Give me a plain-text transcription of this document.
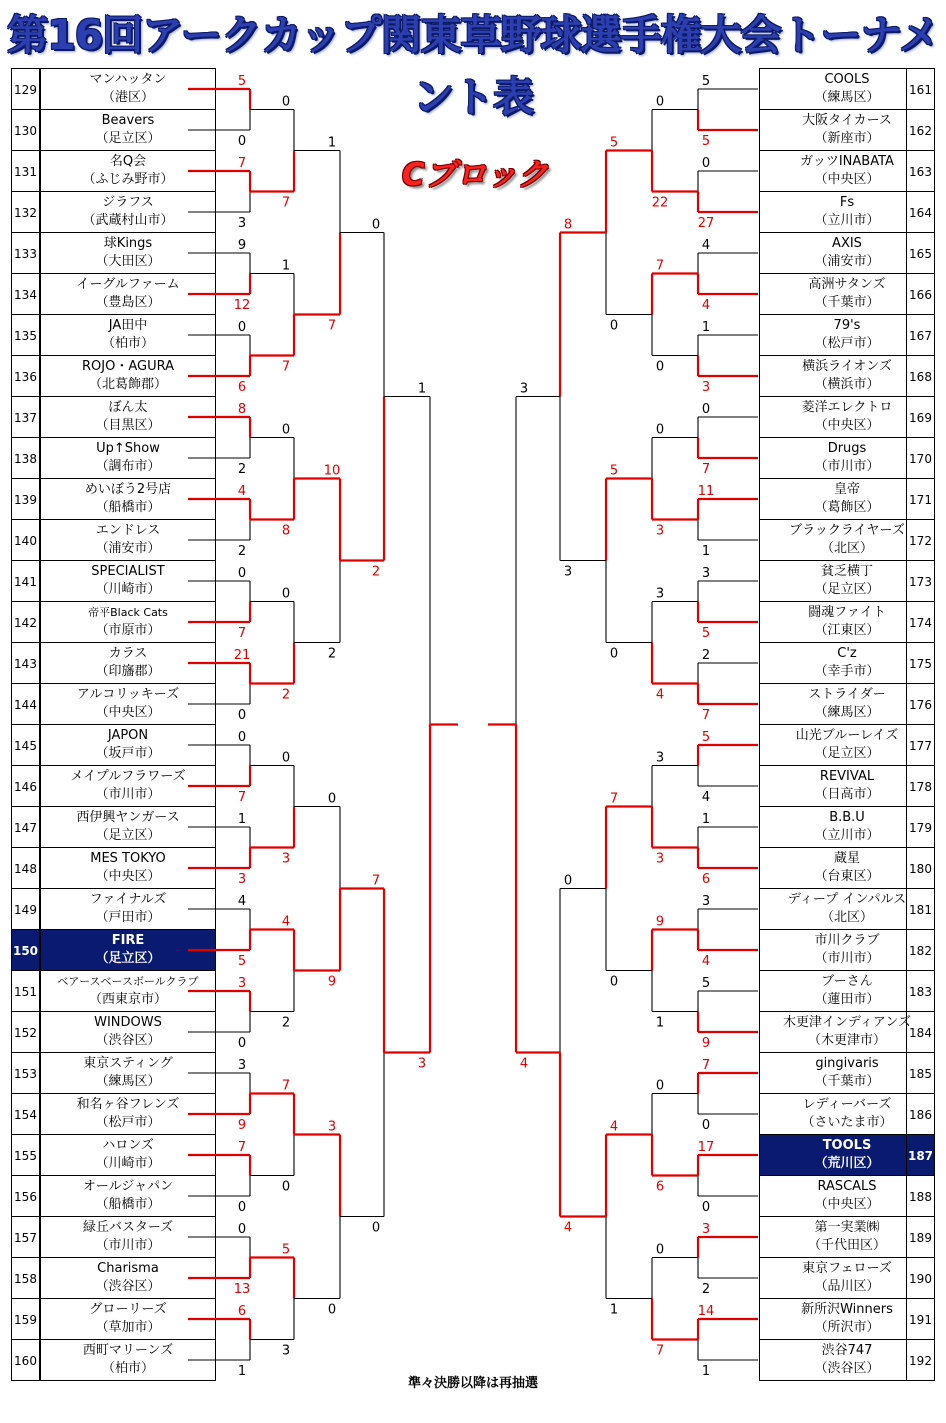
第16回アークカップ関東草野球選手権大会トーナメント表
129
130
131
132
133
134
135
136
137
138
139
140
141
142
143
144
145
146
147
148
149
150
151
152
153
154
155
156
157
158
159
160
マンハッタン
（港区）
Beavers
（足立区）
名Q会
（ふじみ野市）
ジラフス
（武蔵村山市）
球Kings
（大田区）
イーグルファーム
（豊島区）
JA田中
（柏市）
ROJO・AGURA
（北葛飾郡）
ぼん太
（目黒区）
Up↑Show
（調布市）
めいぼう2号店
（船橋市）
エンドレス
（浦安市）
SPECIALIST
（川崎市）
帝平Black Cats
（市原市）
カラス
（印旛郡）
アルコリッキーズ
（中央区）
JAPON
（坂戸市）
メイプルフラワーズ
（市川市）
西伊興ヤンガース
（足立区）
MES TOKYO
（中央区）
ファイナルズ
（戸田市）
FIRE
（足立区）
ベアースベースボールクラブ
（西東京市）
WINDOWS
（渋谷区）
東京スティング
（練馬区）
和名ヶ谷フレンズ
（松戸市）
ハロンズ
（川崎市）
オールジャパン
（船橋市）
緑丘バスターズ
（市川市）
Charisma
（渋谷区）
グローリーズ
（草加市）
西町マリーンズ
（柏市）
COOLS
（練馬区）
大阪タイカース
（新座市）
ガッツINABATA
（中央区）
Fs
（立川市）
AXIS
（浦安市）
高洲サタンズ
（千葉市）
79's
（松戸市）
横浜ライオンズ
（横浜市）
菱洋エレクトロ
（中央区）
Drugs
（市川市）
皇帝
（葛飾区）
ブラックライヤーズ
（北区）
貧乏横丁
（足立区）
闘魂ファイト
（江東区）
C'z
（幸手市）
ストライダー
（練馬区）
山光ブルーレイズ
（足立区）
REVIVAL
（日高市）
B.B.U
（立川市）
蔵星
（台東区）
ディープ インパルス
（北区）
市川クラブ
（市川市）
ブーさん
（蓮田市）
木更津インディアンズ
（木更津市）
gingivaris
（千葉市）
レディーバーズ
（さいたま市）
TOOLS
（荒川区）
RASCALS
（中央区）
第一実業㈱
（千代田区）
東京フェローズ
（品川区）
新所沢Winners
（所沢市）
渋谷747
（渋谷区）
161
162
163
164
165
166
167
168
169
170
171
172
173
174
175
176
177
178
179
180
181
182
183
184
185
186
187
188
189
190
191
192
5
0
7
3
9
12
0
6
8
2
4
2
0
7
21
0
0
7
1
3
4
5
3
0
3
9
7
0
0
13
6
1
0
7
1
7
0
8
0
2
0
3
4
2
7
0
5
3
1
7
10
2
0
9
3
0
0
2
7
0
1
3
5
5
0
27
4
4
1
3
0
7
11
1
3
5
2
7
5
4
1
6
3
4
5
9
7
0
17
0
3
2
14
1
0
22
7
0
0
3
3
4
3
3
9
1
0
6
0
7
5
0
5
0
7
0
4
1
8
3
0
4
3
4
Cブロック
準々決勝以降は再抽選
